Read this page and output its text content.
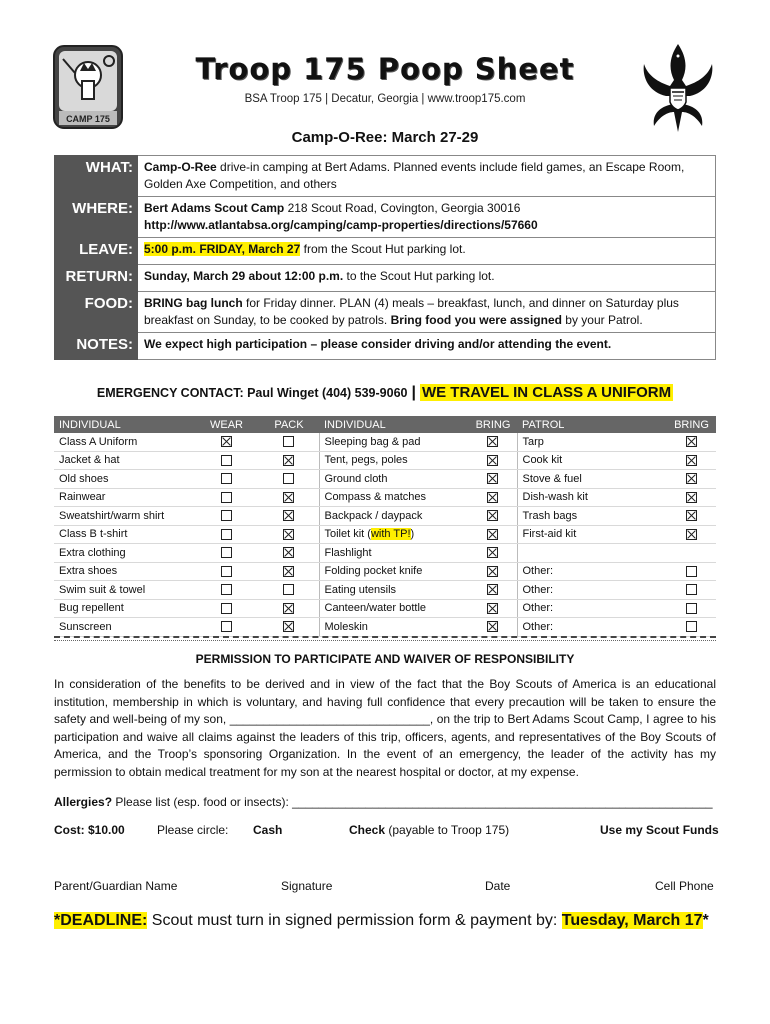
CAMP 175
Troop 175 Poop Sheet
BSA Troop 175 | Decatur, Georgia | www.troop175.com
Camp-O-Ree: March 27-29
WHAT:	Camp-O-Ree drive-in camping at Bert Adams. Planned events include field games, an Escape Room, Golden Axe Competition, and others
WHERE:	Bert Adams Scout Camp 218 Scout Road, Covington, Georgia 30016
http://www.atlantabsa.org/camping/camp-properties/directions/57660
LEAVE:	5:00 p.m. FRIDAY, March 27 from the Scout Hut parking lot.
RETURN:	Sunday, March 29 about 12:00 p.m. to the Scout Hut parking lot.
FOOD:	BRING bag lunch for Friday dinner. PLAN (4) meals – breakfast, lunch, and dinner on Saturday plus breakfast on Sunday, to be cooked by patrols. Bring food you were assigned by your Patrol.
NOTES:	We expect high participation – please consider driving and/or attending the event.
EMERGENCY CONTACT: Paul Winget (404) 539-9060 | WE TRAVEL IN CLASS A UNIFORM
INDIVIDUAL	WEAR	PACK	INDIVIDUAL	BRING	PATROL	BRING
Class A Uniform			Sleeping bag & pad		Tarp	
Jacket & hat			Tent, pegs, poles		Cook kit	
Old shoes			Ground cloth		Stove & fuel	
Rainwear			Compass & matches		Dish-wash kit	
Sweatshirt/warm shirt			Backpack / daypack		Trash bags	
Class B t-shirt			Toilet kit (with TP!)		First-aid kit	
Extra clothing			Flashlight			
Extra shoes			Folding pocket knife		Other:	
Swim suit & towel			Eating utensils		Other:	
Bug repellent			Canteen/water bottle		Other:	
Sunscreen			Moleskin		Other:	
PERMISSION TO PARTICIPATE AND WAIVER OF RESPONSIBILITY
In consideration of the benefits to be derived and in view of the fact that the Boy Scouts of America is an educational institution, membership in which is voluntary, and having full confidence that every precaution will be taken to ensure the safety and well-being of my son, ______________________________, on the trip to Bert Adams Scout Camp, I agree to his participation and waive all claims against the leaders of this trip, officers, agents, and representatives of the Boy Scouts of America, and the Troop’s sponsoring Organization. In the event of an emergency, the leader of the activity has my permission to obtain medical treatment for my son at the nearest hospital or doctor, at my expense.
Allergies? Please list (esp. food or insects): _______________________________________________________________
Cost: $10.00	Please circle: Cash	Check (payable to Troop 175)	Use my Scout Funds
Parent/Guardian Name	Signature	Date	Cell Phone
*DEADLINE: Scout must turn in signed permission form & payment by: Tuesday, March 17*
